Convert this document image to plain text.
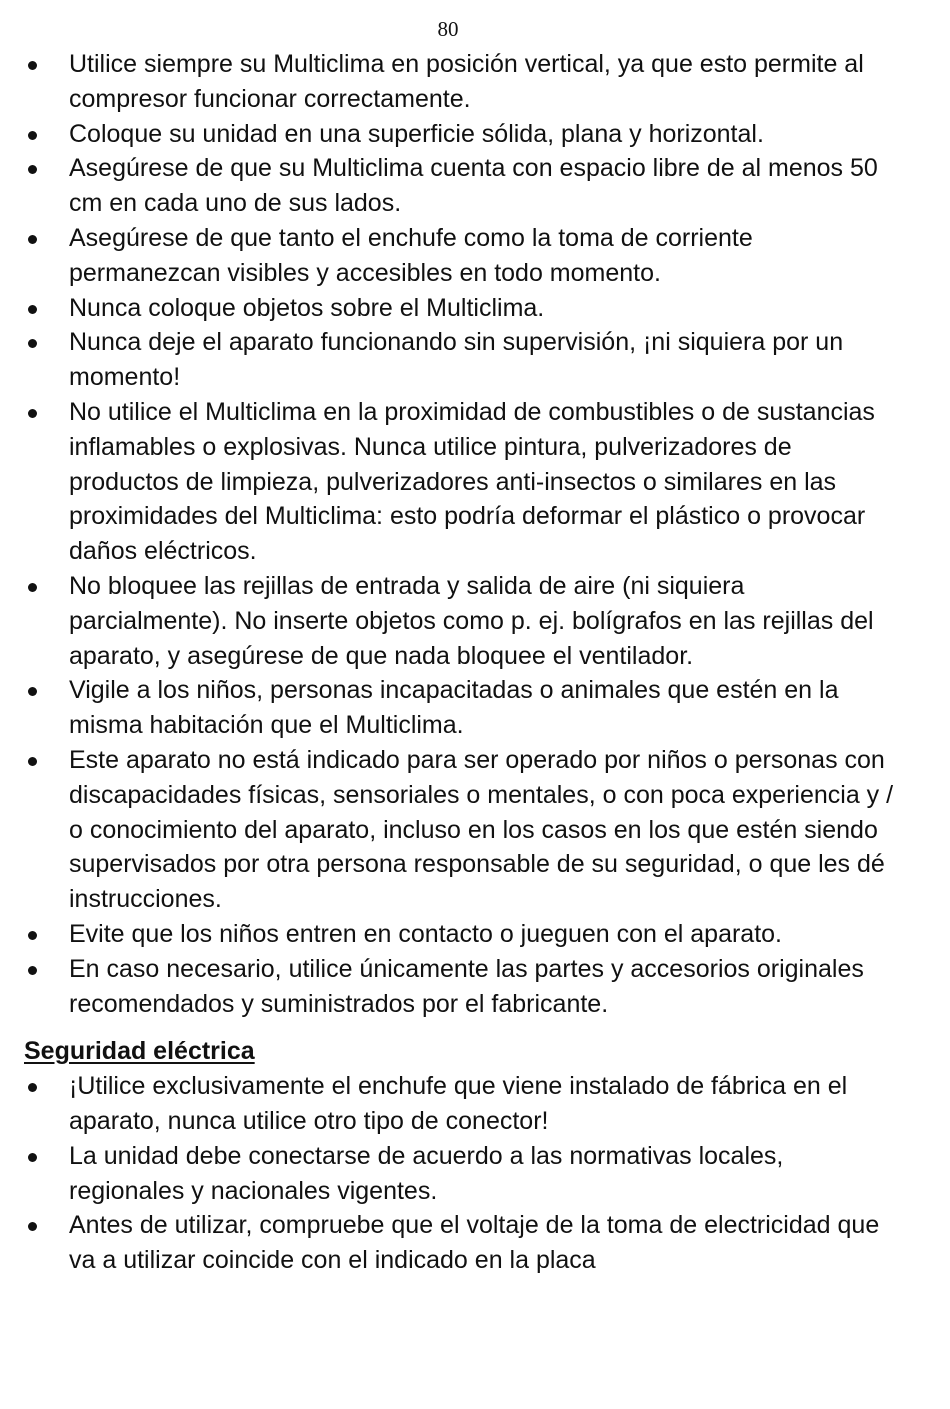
80
Utilice siempre su Multiclima en posición vertical, ya que esto permite al compresor funcionar correctamente.
Coloque su unidad en una superficie sólida, plana y horizontal.
Asegúrese de que su Multiclima cuenta con espacio libre de al menos 50 cm en cada uno de sus lados.
Asegúrese de que tanto el enchufe como la toma de corriente permanezcan visibles y accesibles en todo momento.
Nunca coloque objetos sobre el Multiclima.
Nunca deje el aparato funcionando sin supervisión, ¡ni siquiera por un momento!
No utilice el Multiclima en la proximidad de combustibles o de sustancias inflamables o explosivas. Nunca utilice pintura, pulverizadores de productos de limpieza, pulverizadores anti-insectos o similares en las proximidades del Multiclima: esto podría deformar el plástico o provocar daños eléctricos.
No bloquee las rejillas de entrada y salida de aire (ni siquiera parcialmente). No inserte objetos como p. ej. bolígrafos en las rejillas del aparato, y asegúrese de que nada bloquee el ventilador.
Vigile a los niños, personas incapacitadas o animales que estén en la misma habitación que el Multiclima.
Este aparato no está indicado para ser operado por niños o personas con discapacidades físicas, sensoriales o mentales, o con poca experiencia y / o conocimiento del aparato, incluso en los casos en los que estén siendo supervisados por otra persona responsable de su seguridad, o que les dé instrucciones.
Evite que los niños entren en contacto o jueguen con el aparato.
En caso necesario, utilice únicamente las partes y accesorios originales recomendados y suministrados por el fabricante.
Seguridad eléctrica
¡Utilice exclusivamente el enchufe que viene instalado de fábrica en el aparato, nunca utilice otro tipo de conector!
La unidad debe conectarse de acuerdo a las normativas locales, regionales y nacionales vigentes.
Antes de utilizar, compruebe que el voltaje de la toma de electricidad que va a utilizar coincide con el indicado en la placa
